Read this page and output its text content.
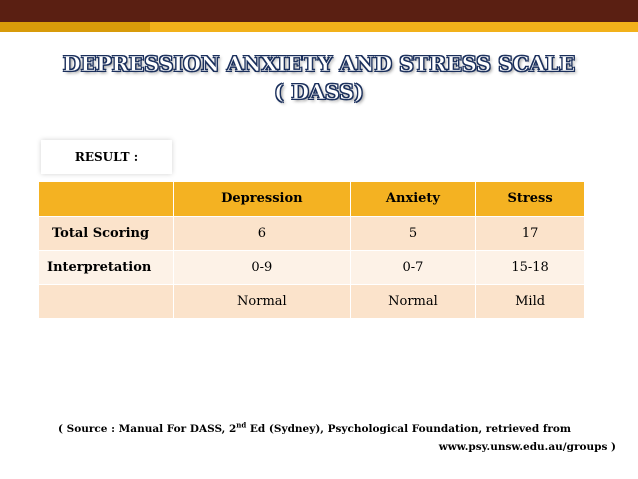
DEPRESSION ANXIETY AND STRESS SCALE
( DASS)
RESULT :
	Depression	Anxiety	Stress
Total Scoring	6	5	17
Interpretation	0-9	0-7	15-18
	Normal	Normal	Mild
( Source : Manual For DASS, 2nd Ed (Sydney), Psychological Foundation, retrieved from
www.psy.unsw.edu.au/groups )
